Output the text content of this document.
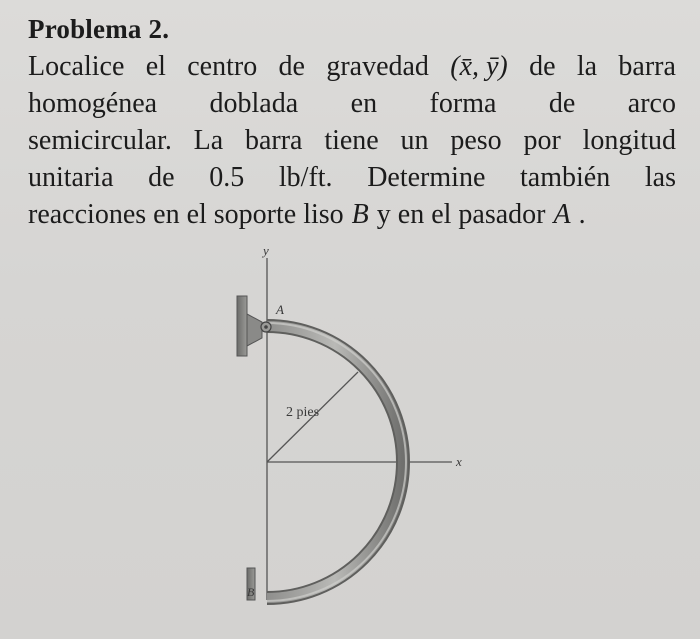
Problema 2.
Localice el centro de gravedad (x̄, ȳ) de la barra
homogénea doblada en forma de arco
semicircular. La barra tiene un peso por longitud
unitaria de 0.5 lb/ft. Determine también las
reacciones en el soporte liso B y en el pasador A .
y
x
A
B
2 pies
